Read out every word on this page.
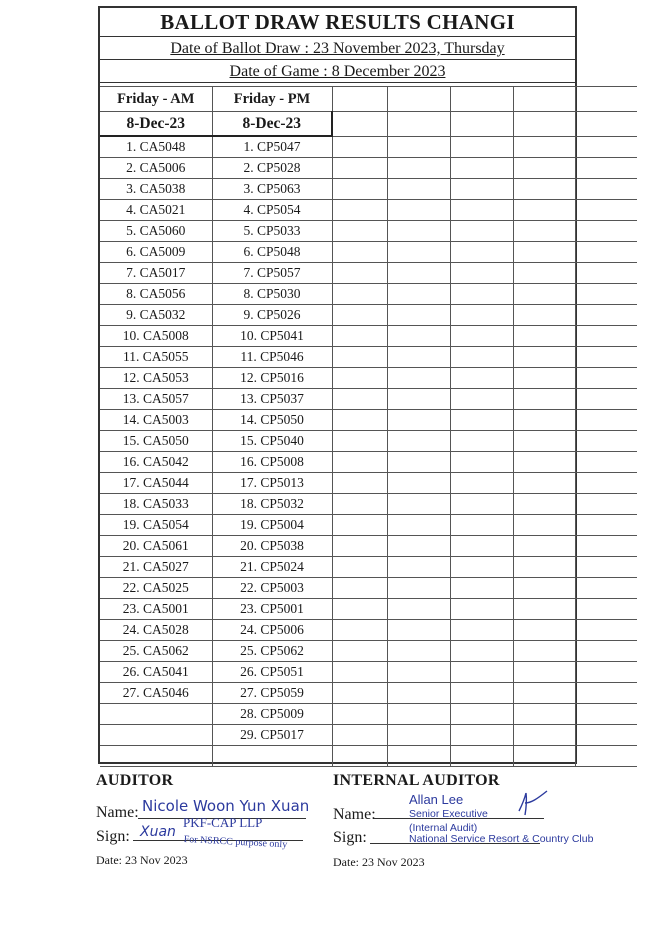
BALLOT DRAW RESULTS CHANGI
Date of Ballot Draw : 23 November 2023, Thursday
Date of Game : 8 December 2023
Friday - AM	Friday - PM					
8-Dec-23	8-Dec-23					
1. CA5048	1. CP5047					
2. CA5006	2. CP5028					
3. CA5038	3. CP5063					
4. CA5021	4. CP5054					
5. CA5060	5. CP5033					
6. CA5009	6. CP5048					
7. CA5017	7. CP5057					
8. CA5056	8. CP5030					
9. CA5032	9. CP5026					
10. CA5008	10. CP5041					
11. CA5055	11. CP5046					
12. CA5053	12. CP5016					
13. CA5057	13. CP5037					
14. CA5003	14. CP5050					
15. CA5050	15. CP5040					
16. CA5042	16. CP5008					
17. CA5044	17. CP5013					
18. CA5033	18. CP5032					
19. CA5054	19. CP5004					
20. CA5061	20. CP5038					
21. CA5027	21. CP5024					
22. CA5025	22. CP5003					
23. CA5001	23. CP5001					
24. CA5028	24. CP5006					
25. CA5062	25. CP5062					
26. CA5041	26. CP5051					
27. CA5046	27. CP5059					
	28. CP5009					
	29. CP5017					

AUDITOR
Name: Nicole Woon Yun Xuan
Sign: Xuan
PKF-CAP LLP
For NSRCC purpose only
Date: 23 Nov 2023
INTERNAL AUDITOR
Name:
Allan Lee
Senior Executive
(Internal Audit)
National Service Resort & Country Club
Sign:
Date: 23 Nov 2023
